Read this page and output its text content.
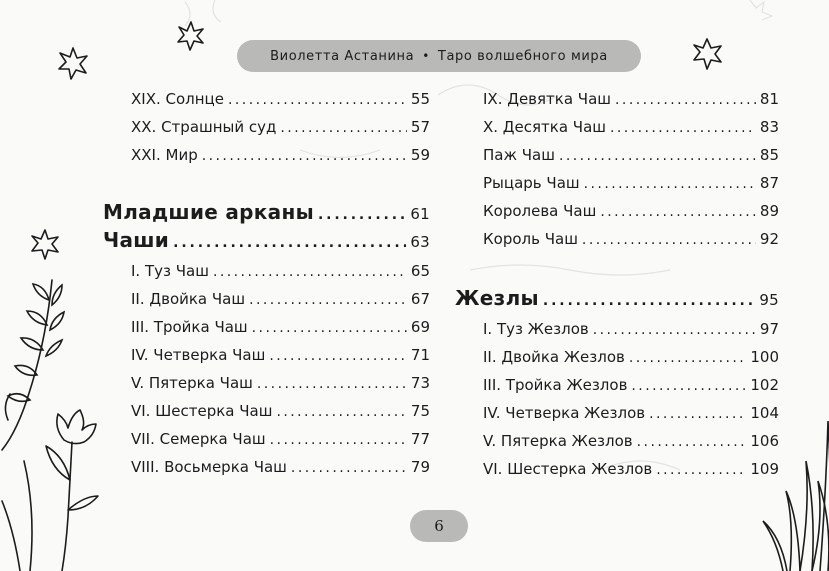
Виолетта Астанина • Таро волшебного мира
XIX. Солнце . . .	55
XX. Страшный суд . . .	57
XXI. Мир . . .	59
Младшие арканы . . .	61
Чаши . . .	63
I. Туз Чаш . . .	65
II. Двойка Чаш . . .	67
III. Тройка Чаш . . .	69
IV. Четверка Чаш . . .	71
V. Пятерка Чаш . . .	73
VI. Шестерка Чаш . . .	75
VII. Семерка Чаш . . .	77
VIII. Восьмерка Чаш . . .	79
IX. Девятка Чаш . . .	81
X. Десятка Чаш . . .	83
Паж Чаш . . .	85
Рыцарь Чаш . . .	87
Королева Чаш . . .	89
Король Чаш . . .	92
Жезлы . . .	95
I. Туз Жезлов . . .	97
II. Двойка Жезлов . . .	100
III. Тройка Жезлов . . .	102
IV. Четверка Жезлов . . .	104
V. Пятерка Жезлов . . .	106
VI. Шестерка Жезлов . . .	109
6
